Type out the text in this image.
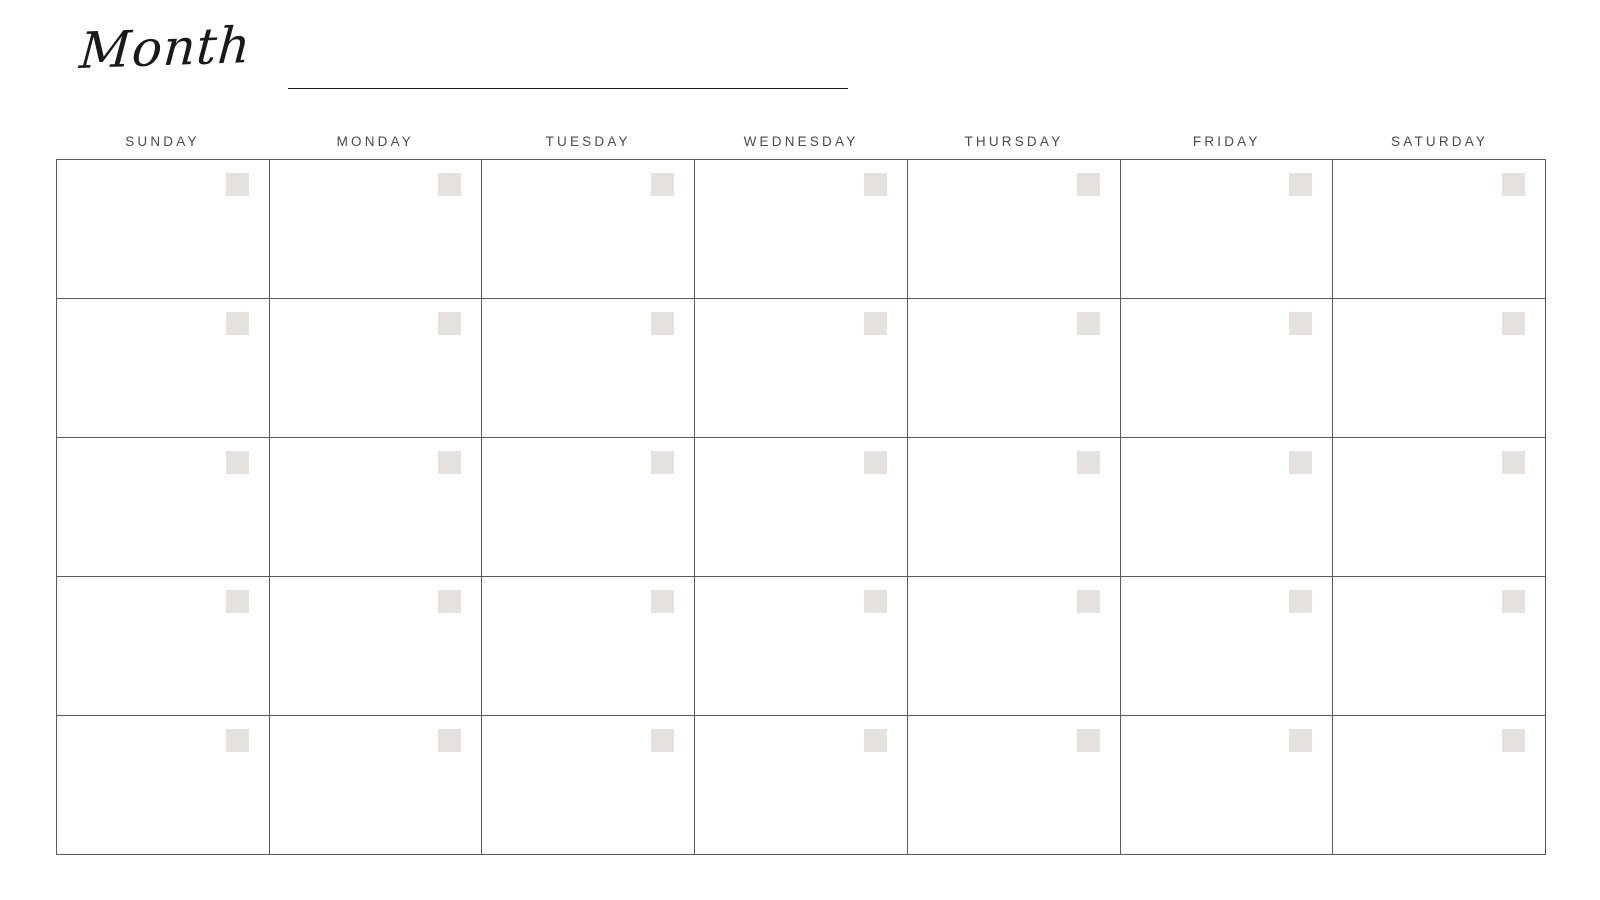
Month
SUNDAY	MONDAY	TUESDAY	WEDNESDAY	THURSDAY	FRIDAY	SATURDAY
